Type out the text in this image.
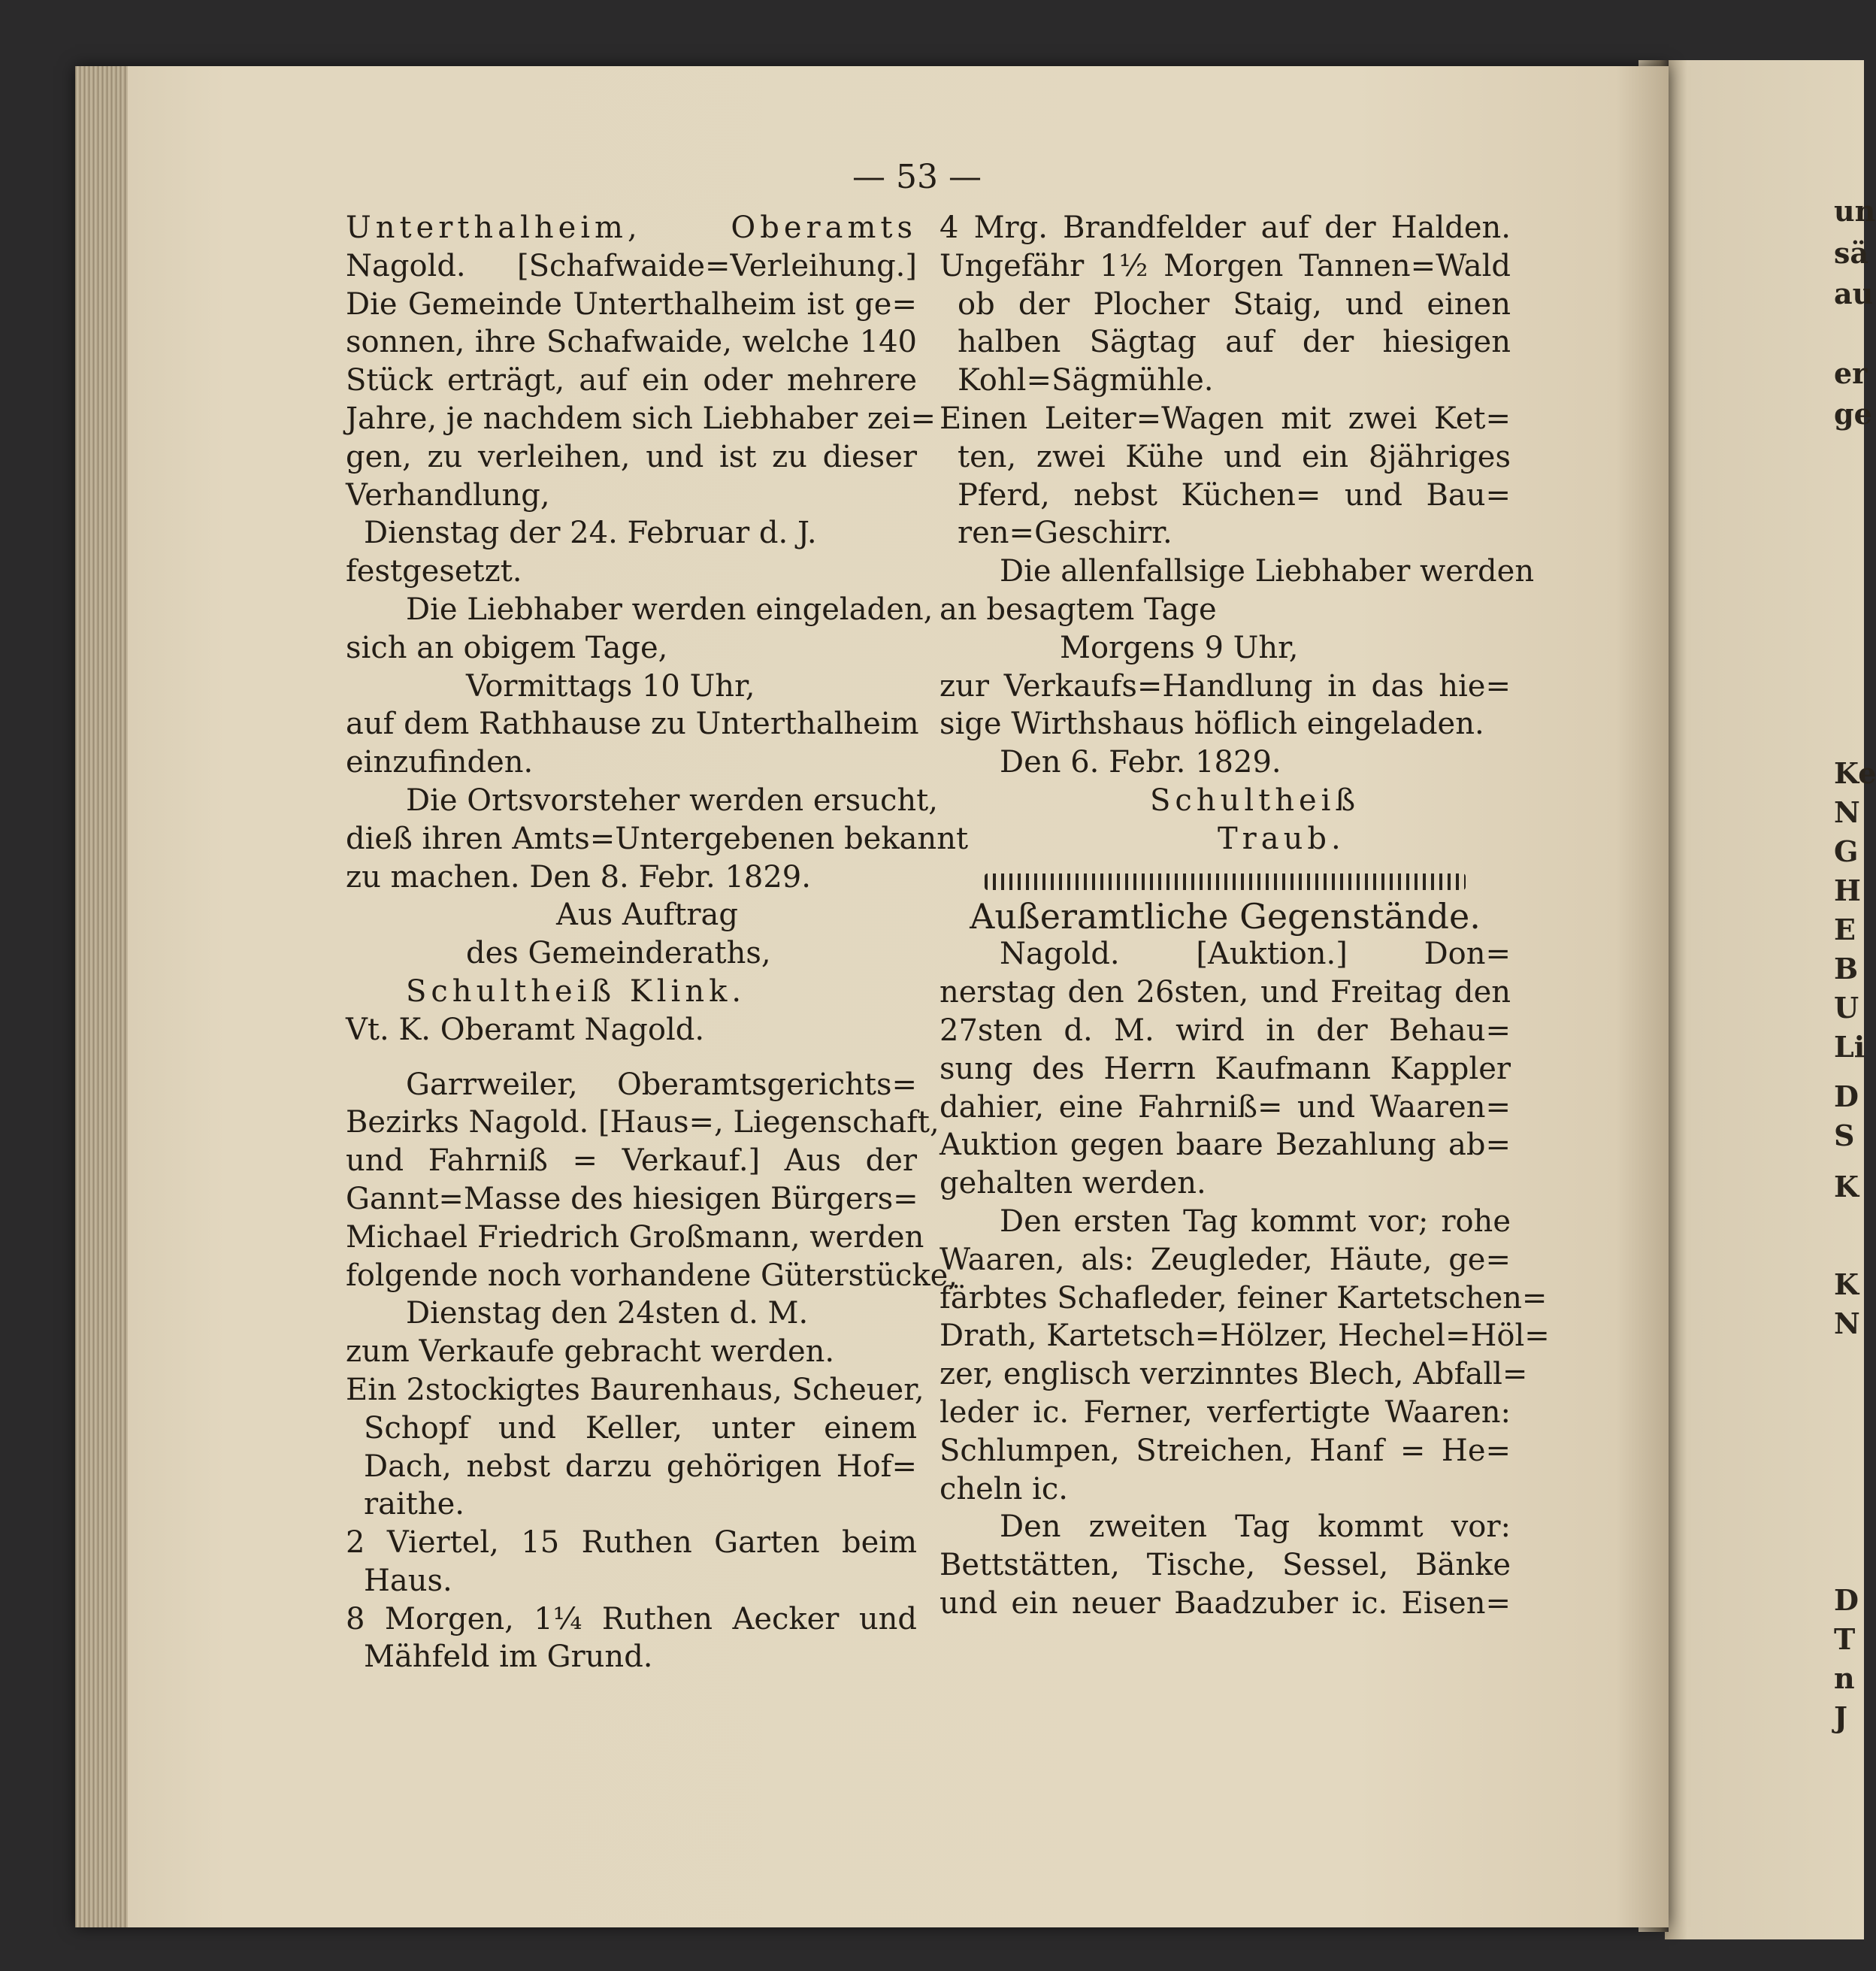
un
sä
au
er
ge
Ke
N
G
H
E
B
U
Li
D
S
K
K
N
D
T
n
J
— 53 —
Unterthalheim, Oberamts
Nagold. [Schafwaide=Verleihung.]
Die Gemeinde Unterthalheim ist ge=
sonnen, ihre Schafwaide, welche 140
Stück erträgt, auf ein oder mehrere
Jahre, je nachdem sich Liebhaber zei=
gen, zu verleihen, und ist zu dieser
Verhandlung,
Dienstag der 24. Februar d. J.
festgesetzt.
Die Liebhaber werden eingeladen,
sich an obigem Tage,
Vormittags 10 Uhr,
auf dem Rathhause zu Unterthalheim
einzufinden.
Die Ortsvorsteher werden ersucht,
dieß ihren Amts=Untergebenen bekannt
zu machen. Den 8. Febr. 1829.
Aus Auftrag
des Gemeinderaths,
Schultheiß Klink.
Vt. K. Oberamt Nagold.
Garrweiler, Oberamtsgerichts=
Bezirks Nagold. [Haus=, Liegenschaft,
und Fahrniß = Verkauf.] Aus der
Gannt=Masse des hiesigen Bürgers=
Michael Friedrich Großmann, werden
folgende noch vorhandene Güterstücke,
Dienstag den 24sten d. M.
zum Verkaufe gebracht werden.
Ein 2stockigtes Baurenhaus, Scheuer,
Schopf und Keller, unter einem
Dach, nebst darzu gehörigen Hof=
raithe.
2 Viertel, 15 Ruthen Garten beim
Haus.
8 Morgen, 1¼ Ruthen Aecker und
Mähfeld im Grund.
4 Mrg. Brandfelder auf der Halden.
Ungefähr 1½ Morgen Tannen=Wald
ob der Plocher Staig, und einen
halben Sägtag auf der hiesigen
Kohl=Sägmühle.
Einen Leiter=Wagen mit zwei Ket=
ten, zwei Kühe und ein 8jähriges
Pferd, nebst Küchen= und Bau=
ren=Geschirr.
Die allenfallsige Liebhaber werden
an besagtem Tage
Morgens 9 Uhr,
zur Verkaufs=Handlung in das hie=
sige Wirthshaus höflich eingeladen.
Den 6. Febr. 1829.
Schultheiß
Traub.
Außeramtliche Gegenstände.
Nagold. [Auktion.] Don=
nerstag den 26sten, und Freitag den
27sten d. M. wird in der Behau=
sung des Herrn Kaufmann Kappler
dahier, eine Fahrniß= und Waaren=
Auktion gegen baare Bezahlung ab=
gehalten werden.
Den ersten Tag kommt vor; rohe
Waaren, als: Zeugleder, Häute, ge=
färbtes Schafleder, feiner Kartetschen=
Drath, Kartetsch=Hölzer, Hechel=Höl=
zer, englisch verzinntes Blech, Abfall=
leder ic. Ferner, verfertigte Waaren:
Schlumpen, Streichen, Hanf = He=
cheln ic.
Den zweiten Tag kommt vor:
Bettstätten, Tische, Sessel, Bänke
und ein neuer Baadzuber ic. Eisen=
